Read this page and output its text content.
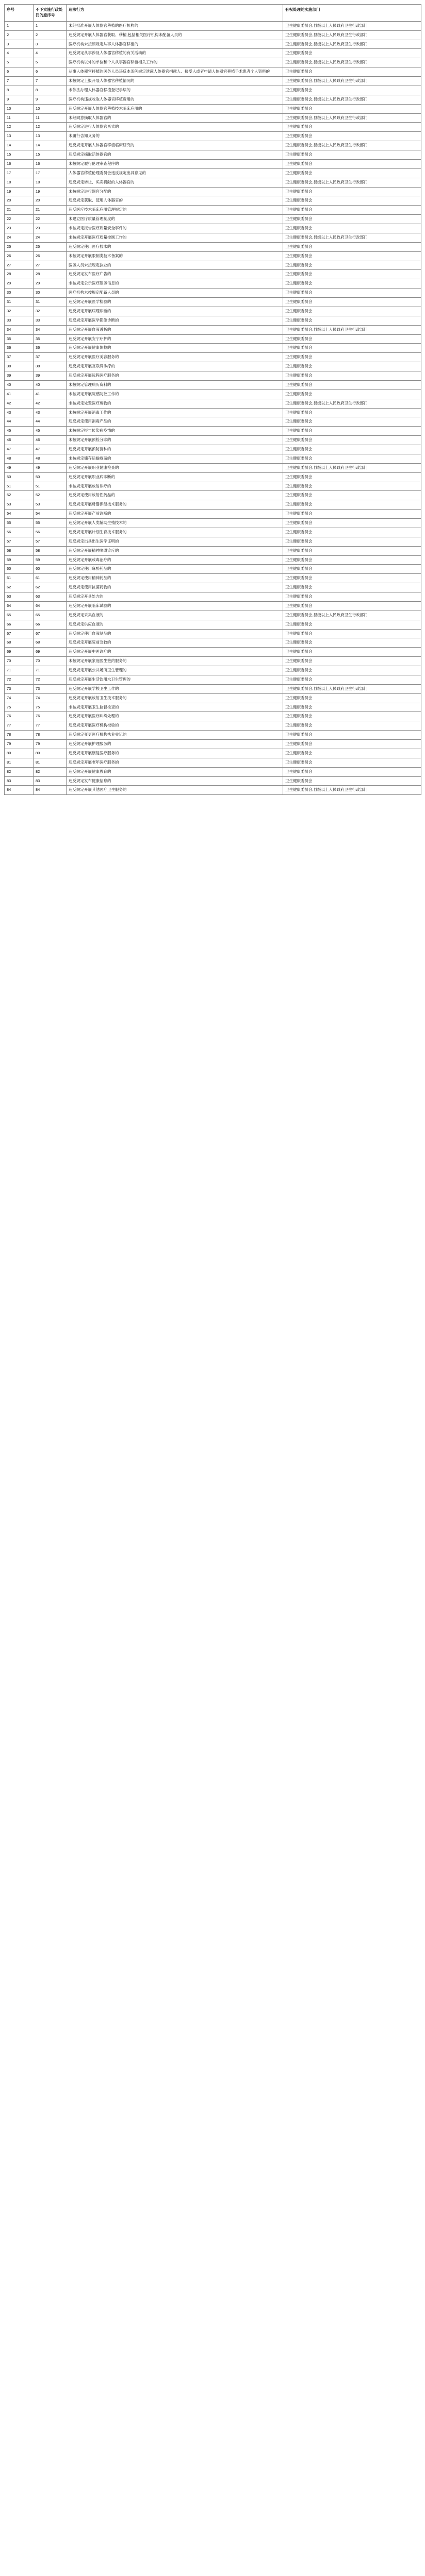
序号	不予实施行政处罚的原序号	违法行为	有权处理的实施部门
1	1	未经批准开展人体器官移植的医疗机构的	卫生健康委员会,县级以上人民政府卫生行政部门
2	2	违反规定开展人体器官获取、移植,包括相关医疗机构未配备人员的	卫生健康委员会,县级以上人民政府卫生行政部门
3	3	医疗机构未按照规定从事人体器官移植的	卫生健康委员会,县级以上人民政府卫生行政部门
4	4	违反规定从事涉及人体器官移植的有关活动的	卫生健康委员会
5	5	医疗机构以外的单位和个人从事器官移植相关工作的	卫生健康委员会,县级以上人民政府卫生行政部门
6	6	从事人体器官移植的医务人员违反本条例规定泄露人体器官捐献人、接受人或者申请人体器官移植手术患者个人资料的	卫生健康委员会
7	7	未按规定上报开展人体器官移植情况的	卫生健康委员会,县级以上人民政府卫生行政部门
8	8	未依法办理人体器官移植登记手续的	卫生健康委员会
9	9	医疗机构违规收取人体器官移植费用的	卫生健康委员会,县级以上人民政府卫生行政部门
10	10	违反规定开展人体器官移植技术临床应用的	卫生健康委员会
11	11	未经同意摘取人体器官的	卫生健康委员会,县级以上人民政府卫生行政部门
12	12	违反规定进行人体器官买卖的	卫生健康委员会
13	13	未履行告知义务的	卫生健康委员会
14	14	违反规定开展人体器官移植临床研究的	卫生健康委员会,县级以上人民政府卫生行政部门
15	15	违反规定摘取活体器官的	卫生健康委员会
16	16	未按规定履行伦理审查程序的	卫生健康委员会
17	17	人体器官移植伦理委员会违反规定出具意见的	卫生健康委员会
18	18	违反规定转让、买卖捐献的人体器官的	卫生健康委员会,县级以上人民政府卫生行政部门
19	19	未按规定进行器官分配的	卫生健康委员会
20	20	违反规定获取、使用人体器官的	卫生健康委员会
21	21	违反医疗技术临床应用管理规定的	卫生健康委员会
22	22	未建立医疗质量管理制度的	卫生健康委员会
23	23	未按规定报告医疗质量安全事件的	卫生健康委员会
24	24	未按规定开展医疗质量控制工作的	卫生健康委员会,县级以上人民政府卫生行政部门
25	25	违反规定使用医疗技术的	卫生健康委员会
26	26	未按规定开展限制类技术备案的	卫生健康委员会
27	27	医务人员未按规定执业的	卫生健康委员会
28	28	违反规定发布医疗广告的	卫生健康委员会
29	29	未按规定公示医疗服务信息的	卫生健康委员会
30	30	医疗机构未按规定配备人员的	卫生健康委员会
31	31	违反规定开展医学检验的	卫生健康委员会
32	32	违反规定开展病理诊断的	卫生健康委员会
33	33	违反规定开展医学影像诊断的	卫生健康委员会
34	34	违反规定开展血液透析的	卫生健康委员会,县级以上人民政府卫生行政部门
35	35	违反规定开展安宁疗护的	卫生健康委员会
36	36	违反规定开展健康体检的	卫生健康委员会
37	37	违反规定开展医疗美容服务的	卫生健康委员会
38	38	违反规定开展互联网诊疗的	卫生健康委员会
39	39	违反规定开展远程医疗服务的	卫生健康委员会
40	40	未按规定管理病历资料的	卫生健康委员会
41	41	未按规定开展院感防控工作的	卫生健康委员会
42	42	未按规定处置医疗废物的	卫生健康委员会,县级以上人民政府卫生行政部门
43	43	未按规定开展消毒工作的	卫生健康委员会
44	44	违反规定使用消毒产品的	卫生健康委员会
45	45	未按规定报告传染病疫情的	卫生健康委员会
46	46	未按规定开展预检分诊的	卫生健康委员会
47	47	违反规定开展预防接种的	卫生健康委员会
48	48	未按规定储存运输疫苗的	卫生健康委员会
49	49	违反规定开展职业健康检查的	卫生健康委员会,县级以上人民政府卫生行政部门
50	50	违反规定开展职业病诊断的	卫生健康委员会
51	51	未按规定开展放射诊疗的	卫生健康委员会
52	52	违反规定使用放射性药品的	卫生健康委员会
53	53	违反规定开展母婴保健技术服务的	卫生健康委员会
54	54	违反规定开展产前诊断的	卫生健康委员会
55	55	违反规定开展人类辅助生殖技术的	卫生健康委员会
56	56	违反规定开展计划生育技术服务的	卫生健康委员会
57	57	违反规定出具出生医学证明的	卫生健康委员会
58	58	违反规定开展精神障碍诊疗的	卫生健康委员会
59	59	违反规定开展戒毒治疗的	卫生健康委员会
60	60	违反规定使用麻醉药品的	卫生健康委员会
61	61	违反规定使用精神药品的	卫生健康委员会
62	62	违反规定使用抗菌药物的	卫生健康委员会
63	63	违反规定开具处方的	卫生健康委员会
64	64	违反规定开展临床试验的	卫生健康委员会
65	65	违反规定采集血液的	卫生健康委员会,县级以上人民政府卫生行政部门
66	66	违反规定供应血液的	卫生健康委员会
67	67	违反规定使用血液制品的	卫生健康委员会
68	68	违反规定开展院前急救的	卫生健康委员会
69	69	违反规定开展中医诊疗的	卫生健康委员会
70	70	未按规定开展家庭医生签约服务的	卫生健康委员会
71	71	违反规定开展公共场所卫生管理的	卫生健康委员会
72	72	违反规定开展生活饮用水卫生管理的	卫生健康委员会
73	73	违反规定开展学校卫生工作的	卫生健康委员会,县级以上人民政府卫生行政部门
74	74	违反规定开展放射卫生技术服务的	卫生健康委员会
75	75	未按规定开展卫生监督检查的	卫生健康委员会
76	76	违反规定开展医疗纠纷处理的	卫生健康委员会
77	77	违反规定开展医疗机构校验的	卫生健康委员会
78	78	违反规定变更医疗机构执业登记的	卫生健康委员会
79	79	违反规定开展护理服务的	卫生健康委员会
80	80	违反规定开展康复医疗服务的	卫生健康委员会
81	81	违反规定开展老年医疗服务的	卫生健康委员会
82	82	违反规定开展健康教育的	卫生健康委员会
83	83	违反规定发布健康信息的	卫生健康委员会
84	84	违反规定开展其他医疗卫生服务的	卫生健康委员会,县级以上人民政府卫生行政部门
